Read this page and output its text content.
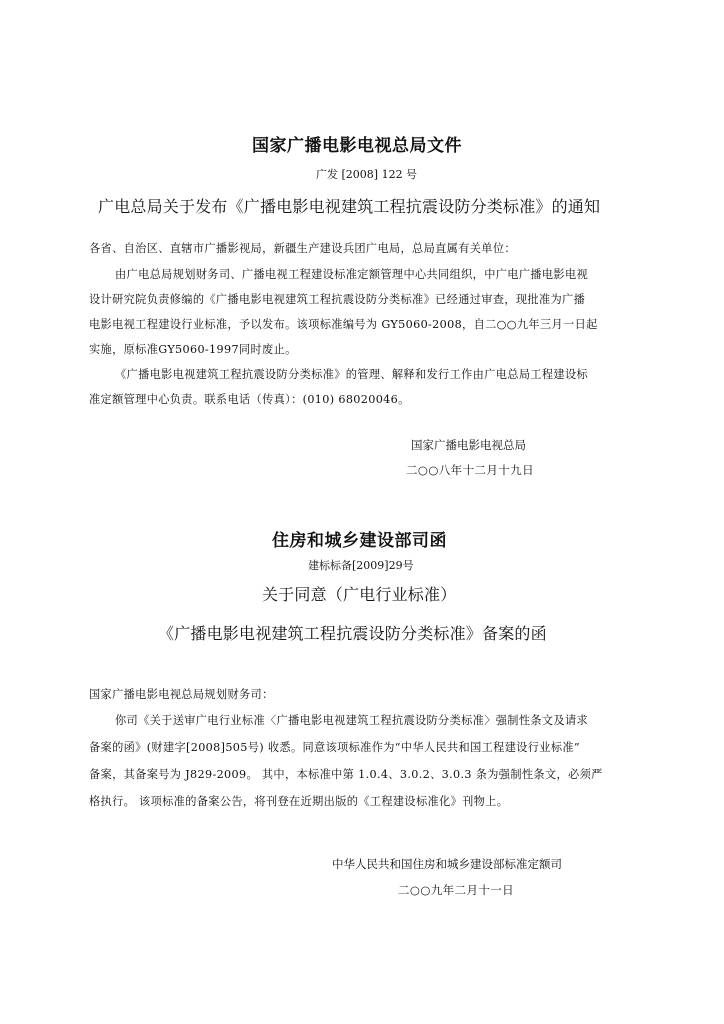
国家广播电影电视总局文件

广发 [2008] 122 号

广电总局关于发布《广播电影电视建筑工程抗震设防分类标准》的通知

各省、自治区、直辖市广播影视局，新疆生产建设兵团广电局，总局直属有关单位：

由广电总局规划财务司、广播电视工程建设标准定额管理中心共同组织，中广电广播电影电视

设计研究院负责修编的《广播电影电视建筑工程抗震设防分类标准》已经通过审查，现批准为广播

电影电视工程建设行业标准，予以发布。该项标准编号为 GY5060-2008，自二○○九年三月一日起

实施，原标准GY5060-1997同时废止。

《广播电影电视建筑工程抗震设防分类标准》的管理、解释和发行工作由广电总局工程建设标

准定额管理中心负责。联系电话（传真）：(010) 68020046。

国家广播电影电视总局

二○○八年十二月十九日

住房和城乡建设部司函

建标标备[2009]29号

关于同意（广电行业标准）

《广播电影电视建筑工程抗震设防分类标准》备案的函

国家广播电影电视总局规划财务司：

你司《关于送审广电行业标准〈广播电影电视建筑工程抗震设防分类标准〉强制性条文及请求

备案的函》(财建字[2008]505号) 收悉。同意该项标准作为“中华人民共和国工程建设行业标准”

备案，其备案号为 J829-2009。 其中，本标准中第 1.0.4、3.0.2、3.0.3 条为强制性条文，必须严

格执行。 该项标准的备案公告，将刊登在近期出版的《工程建设标准化》刊物上。

中华人民共和国住房和城乡建设部标准定额司

二○○九年二月十一日
